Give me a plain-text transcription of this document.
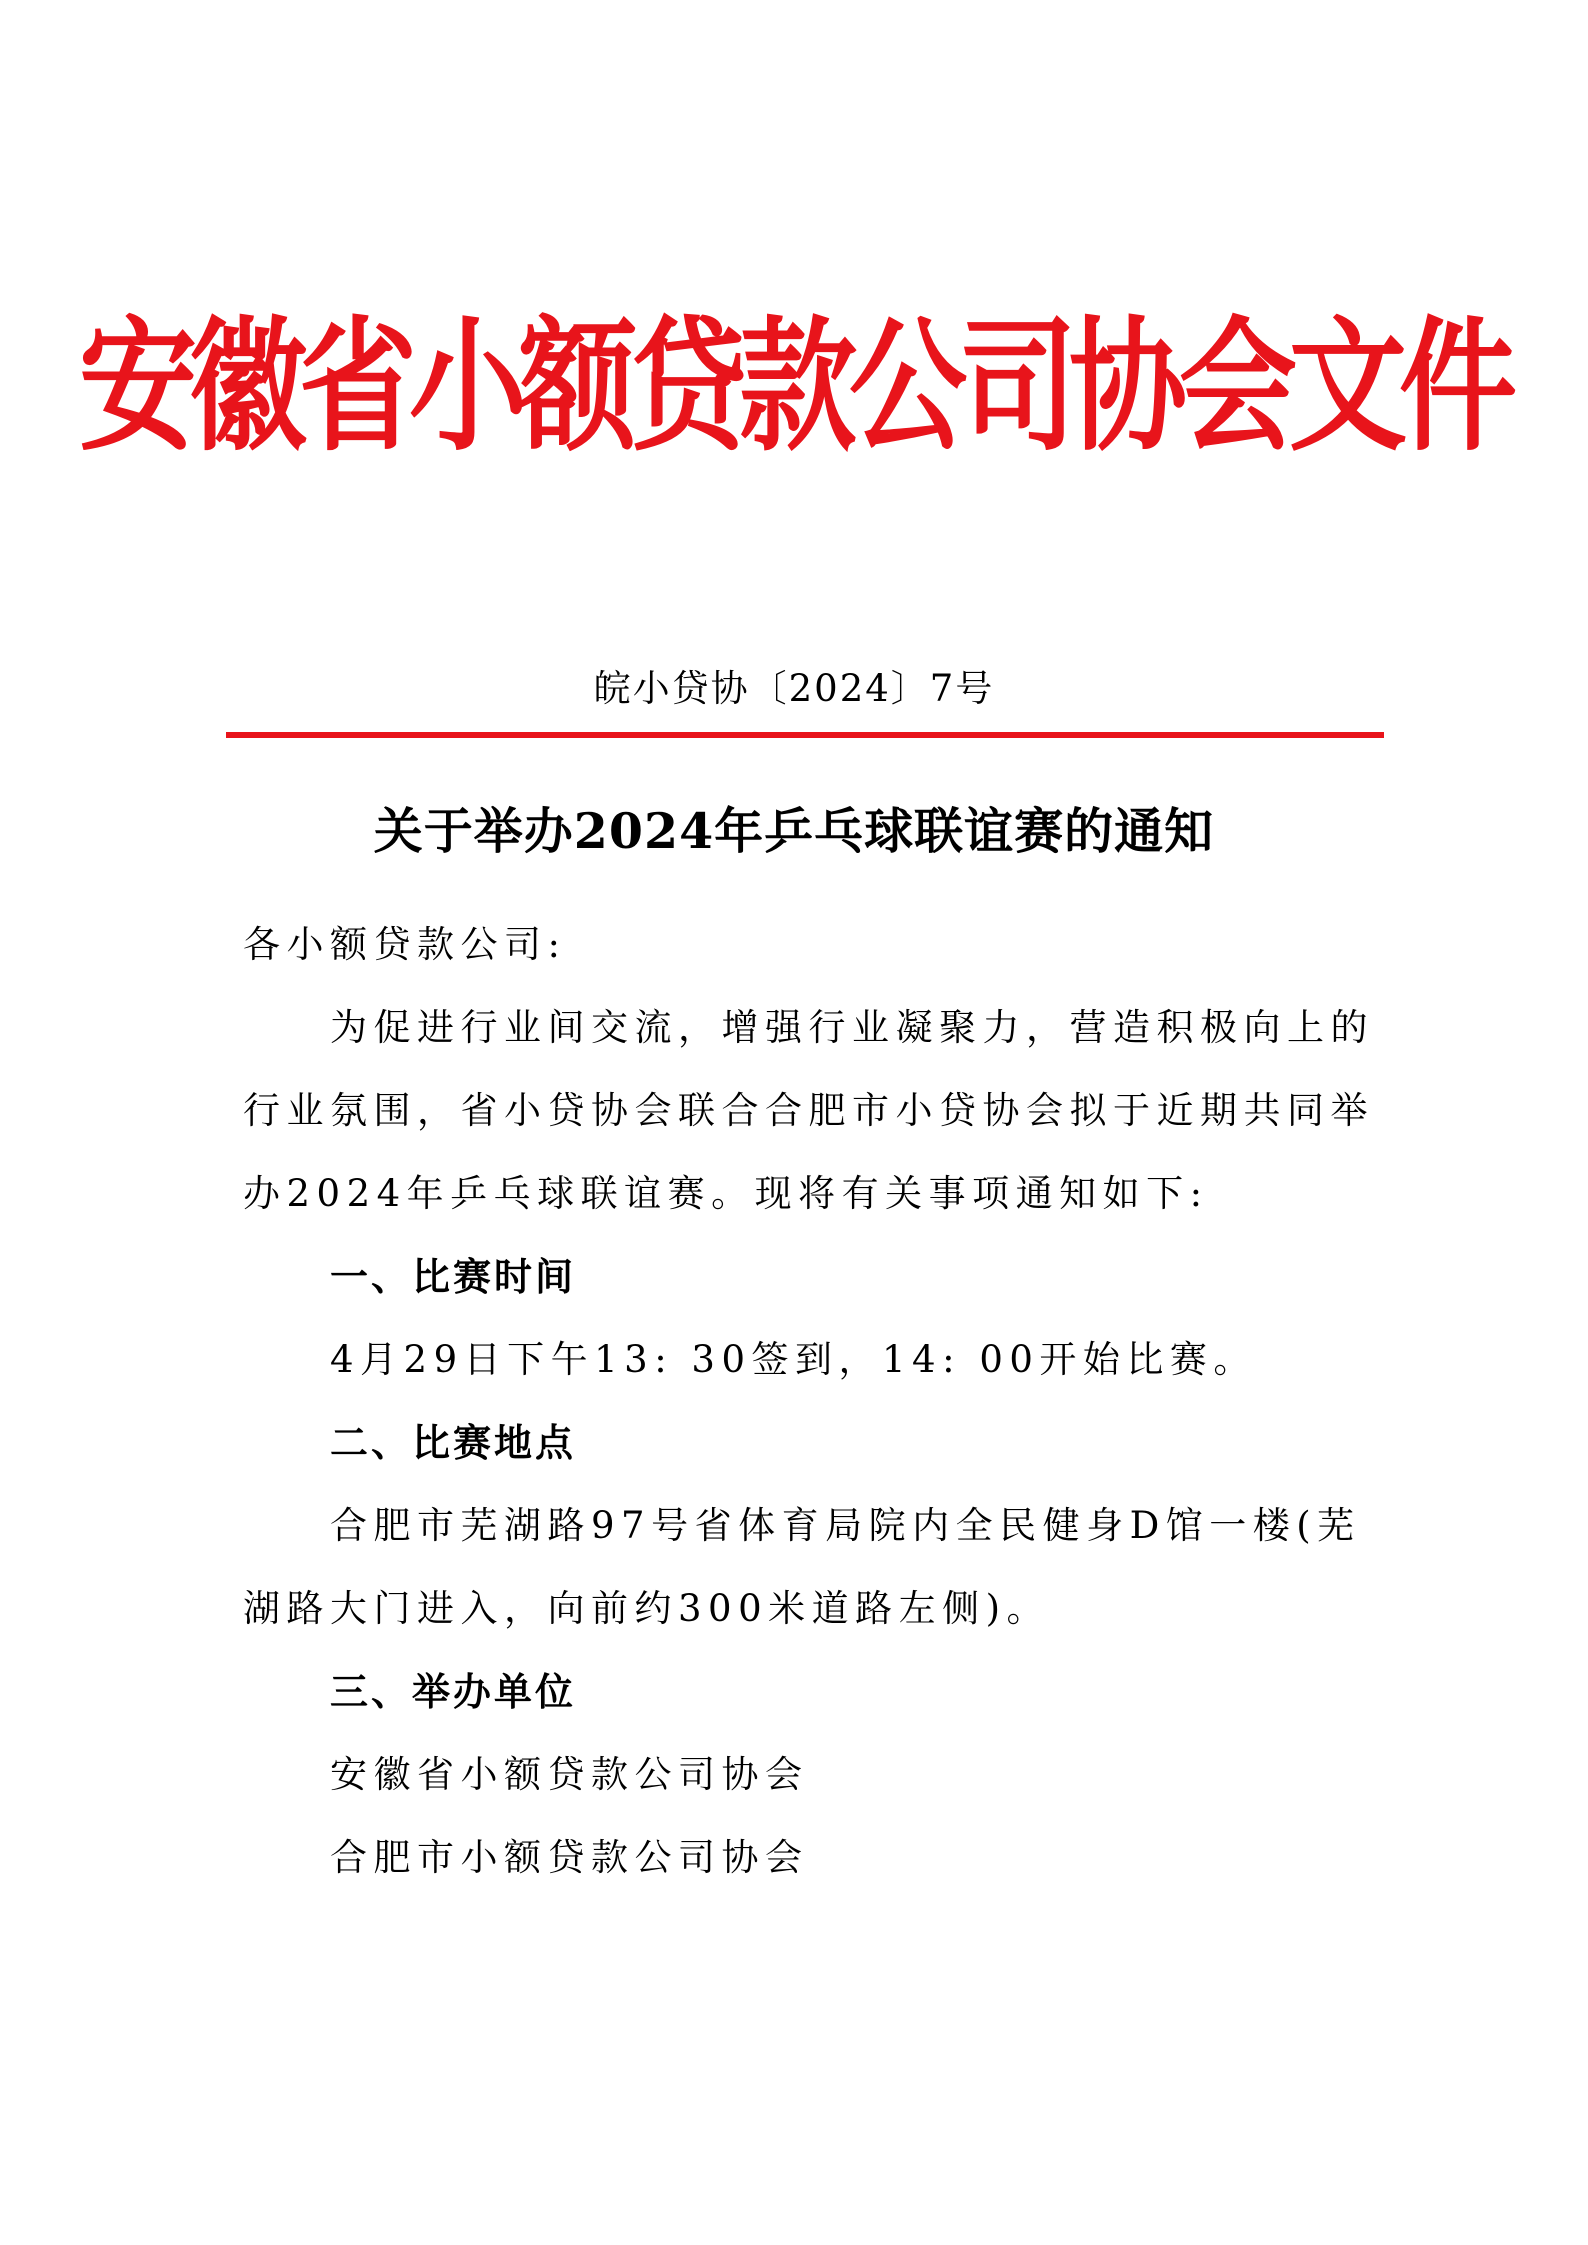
安徽省小额贷款公司协会文件
皖小贷协〔2024〕7号
关于举办2024年乒乓球联谊赛的通知
各小额贷款公司:
为促进行业间交流，增强行业凝聚力，营造积极向上的
行业氛围，省小贷协会联合合肥市小贷协会拟于近期共同举
办2024年乒乓球联谊赛。现将有关事项通知如下:
一、比赛时间
4月29日下午13: 30签到，14: 00开始比赛。
二、比赛地点
合肥市芜湖路97号省体育局院内全民健身D馆一楼(芜
湖路大门进入，向前约300米道路左侧)。
三、举办单位
安徽省小额贷款公司协会
合肥市小额贷款公司协会
